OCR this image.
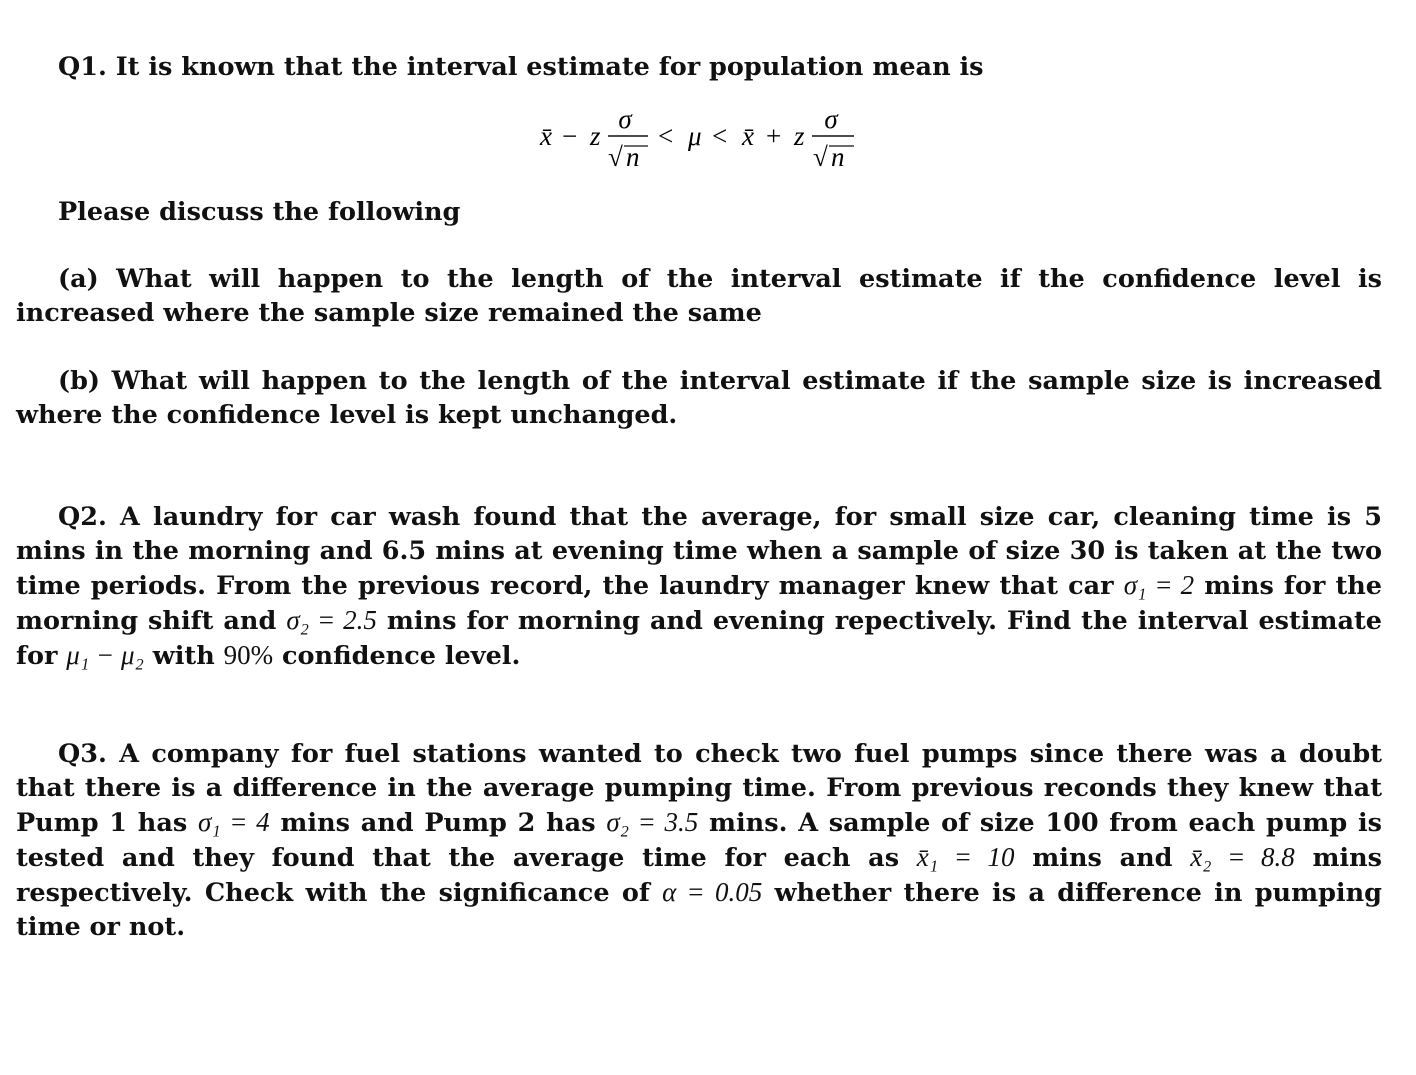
Q1. It is known that the interval estimate for population mean is

x̄ − z
σ
√ n
< μ < x̄ + z
σ
√ n

Please discuss the following

(a) What will happen to the length of the interval estimate if the confidence level is increased where the sample size remained the same

(b) What will happen to the length of the interval estimate if the sample size is increased where the confidence level is kept unchanged.

Q2. A laundry for car wash found that the average, for small size car, cleaning time is 5 mins in the morning and 6.5 mins at evening time when a sample of size 30 is taken at the two time periods. From the previous record, the laundry manager knew that car σ₁ = 2 mins for the morning shift and σ₂ = 2.5 mins for morning and evening repectively. Find the interval estimate for μ₁ − μ₂ with 90% confidence level.

Q3. A company for fuel stations wanted to check two fuel pumps since there was a doubt that there is a difference in the average pumping time. From previous reconds they knew that Pump 1 has σ₁ = 4 mins and Pump 2 has σ₂ = 3.5 mins. A sample of size 100 from each pump is tested and they found that the average time for each as x̄₁ = 10 mins and x̄₂ = 8.8 mins respectively. Check with the significance of α = 0.05 whether there is a difference in pumping time or not.
